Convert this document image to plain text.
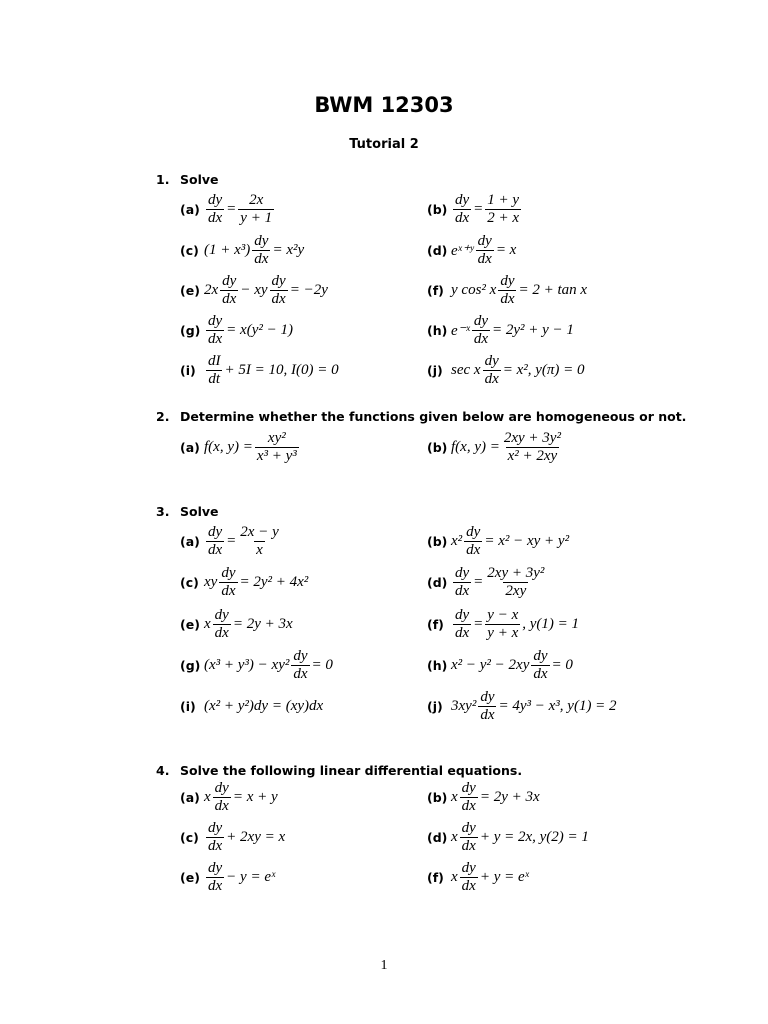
BWM 12303
Tutorial 2
1. Solve
$(a) \frac{dy}{dx} = \frac{2x}{y + 1}$	$(b) \frac{dy}{dx} = \frac{1 + y}{2 + x}$
(c) $(1 + x^3) \frac{dy}{dx} = x^2y$	(d) eˣ⁺ʸ $\frac{dy}{dx} = x$
(e) $2x \frac{dy}{dx}$ − xy $\frac{dy}{dx} = -2y$	(f) y cos² x $\frac{dy}{dx} = 2 + \tan x$
$(g) \frac{dy}{dx} = x(y^2 - 1)$	(h) e⁻ˣ $\frac{dy}{dx} = 2y^2 + y - 1$
$(i) \frac{dI}{dt} + 5I = 10$, I(0) = 0	(j) sec x $\frac{dy}{dx} = x^2$, y(π) = 0
2. Determine whether the functions given below are homogeneous or not.
(a) f(x, $y) = \frac{\text{xy²}}{\text{x³ + y³}}$	(b) f(x, $y) = \frac{\text{2xy + 3y²}}{\text{x² + 2xy}}$
3. Solve
$(a) \frac{dy}{dx} = \frac{2x - y}{x}$	(b) $x^2 \frac{dy}{dx} = x^2$ − xy + y²
(c) xy $\frac{dy}{dx} = 2y^2 + 4x^2$	$(d) \frac{dy}{dx} = \frac{\text{2xy + 3y²}}{2xy}$
(e) x $\frac{dy}{dx} = 2y + 3x$	$(f) \frac{dy}{dx} = \frac{y - x}{y + x}$ , y(1) = 1
(g) $(x^3 + y^3) - xy^2 \frac{dy}{dx} = 0$	(h) $x^2 - y^2 - 2xy \frac{dy}{dx} = 0$
(i) (x² + y²)dy = (xy)dx	(j) $3xy^2 \frac{dy}{dx} = 4y^3 - x^3$, y(1) = 2
4. Solve the following linear differential equations.
(a) x $\frac{dy}{dx} = x + y$	(b) x $\frac{dy}{dx} = 2y + 3x$
$(c) \frac{dy}{dx} + 2xy = x$	(d) x $\frac{dy}{dx} + y = 2x$, y(2) = 1
$(e) \frac{dy}{dx} - y$ = eˣ	(f) x $\frac{dy}{dx} + y$ = eˣ
1
